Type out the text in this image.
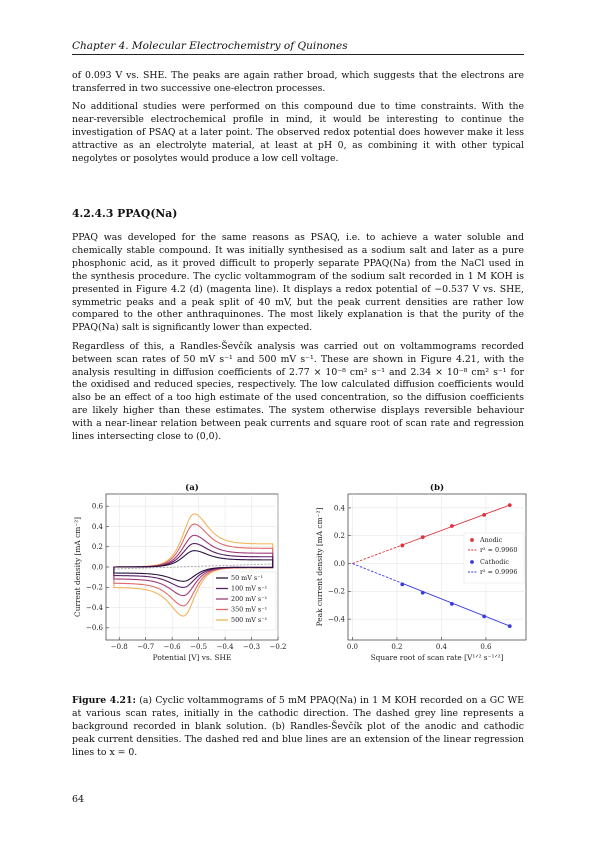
Chapter 4. Molecular Electrochemistry of Quinones

of 0.093 V vs. SHE. The peaks are again rather broad, which suggests that the electrons are transferred in two successive one-electron processes.

No additional studies were performed on this compound due to time constraints. With the near-reversible electrochemical profile in mind, it would be interesting to continue the investigation of PSAQ at a later point. The observed redox potential does however make it less attractive as an electrolyte material, at least at pH 0, as combining it with other typical negolytes or posolytes would produce a low cell voltage.

4.2.4.3 PPAQ(Na)

PPAQ was developed for the same reasons as PSAQ, i.e. to achieve a water soluble and chemically stable compound. It was initially synthesised as a sodium salt and later as a pure phosphonic acid, as it proved difficult to properly separate PPAQ(Na) from the NaCl used in the synthesis procedure. The cyclic voltammogram of the sodium salt recorded in 1 M KOH is presented in Figure 4.2 (d) (magenta line). It displays a redox potential of −0.537 V vs. SHE, symmetric peaks and a peak split of 40 mV, but the peak current densities are rather low compared to the other anthraquinones. The most likely explanation is that the purity of the PPAQ(Na) salt is significantly lower than expected.

Regardless of this, a Randles-Ševčík analysis was carried out on voltammograms recorded between scan rates of 50 mV s⁻¹ and 500 mV s⁻¹. These are shown in Figure 4.21, with the analysis resulting in diffusion coefficients of 2.77 × 10⁻⁸ cm² s⁻¹ and 2.34 × 10⁻⁸ cm² s⁻¹ for the oxidised and reduced species, respectively. The low calculated diffusion coefficients would also be an effect of a too high estimate of the used concentration, so the diffusion coefficients are likely higher than these estimates. The system otherwise displays reversible behaviour with a near-linear relation between peak currents and square root of scan rate and regression lines intersecting close to (0,0).

−0.8 −0.7 −0.6 −0.5 −0.4 −0.3 −0.2
−0.6
−0.4
−0.2
0.0
0.2
0.4
0.6
(a)
Potential [V] vs. SHE
Current density [mA cm⁻²]	50 mV s⁻¹
100 mV s⁻¹
200 mV s⁻¹
350 mV s⁻¹
500 mV s⁻¹
0.0	0.2	0.4	0.6
−0.4
−0.2
0.0
0.2
0.4
(b)
Square root of scan rate [V¹ᐟ² s⁻¹ᐟ²]
Peak current density [mA cm⁻²]	Anodic
r² ≈ 0.9960
Cathodic
r² ≈ 0.9996
Figure 4.21: (a) Cyclic voltammograms of 5 mM PPAQ(Na) in 1 M KOH recorded on a GC WE at various scan rates, initially in the cathodic direction. The dashed grey line represents a background recorded in blank solution. (b) Randles-Ševčík plot of the anodic and cathodic peak current densities. The dashed red and blue lines are an extension of the linear regression lines to x = 0.
64
